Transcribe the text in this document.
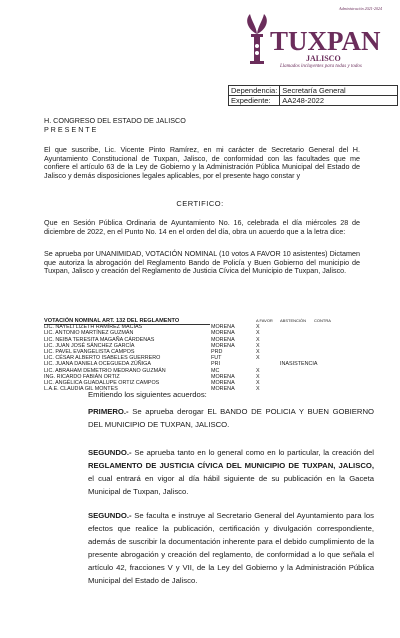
Administración 2021-2024
TUXPAN
JALISCO
Llamados incluyentes para todas y todos
Dependencia:	Secretaría General
Expediente:	AA248-2022
H. CONGRESO DEL ESTADO DE JALISCO
P R E S E N T E
El que suscribe, Lic. Vicente Pinto Ramírez, en mi carácter de Secretario General del H. Ayuntamiento Constitucional de Tuxpan, Jalisco, de conformidad con las facultades que me confiere el artículo 63 de la Ley de Gobierno y la Administración Pública Municipal del Estado de Jalisco y demás disposiciones legales aplicables, por el presente hago constar y
CERTIFICO:
Que en Sesión Pública Ordinaria de Ayuntamiento No. 16, celebrada el día miércoles 28 de diciembre de 2022, en el Punto No. 14 en el orden del día, obra un acuerdo que a la letra dice:
Se aprueba por UNANIMIDAD, VOTACIÓN NOMINAL (10 votos A FAVOR 10 asistentes) Dictamen que autoriza la abrogación del Reglamento Bando de Policía y Buen Gobierno del municipio de Tuxpan, Jalisco y creación del Reglamento de Justicia Cívica del Municipio de Tuxpan, Jalisco.
VOTACIÓN NOMINAL ART. 132 DEL REGLAMENTO	A FAVOR ABSTENCIÓN CONTRA
LIC. NAYELI LIZETH RAMÍREZ MACÍAS	MORENA	X
LIC. ANTONIO MARTÍNEZ GUZMÁN	MORENA	X
LIC. NEIBA TERESITA MAGAÑA CÁRDENAS	MORENA	X
LIC. JUAN JOSÉ SÁNCHEZ GARCÍA	MORENA	X
LIC. PAVEL EVANGELISTA CAMPOS	PRD	X
LIC. CÉSAR ALBERTO ISABELES GUERRERO	FUT	X
LIC. JUANA DANIELA OCEGUEDA ZÚÑIGA	PRI	INASISTENCIA
LIC. ABRAHAM DEMETRIO MEDRANO GUZMÁN	MC	X
ING. RICARDO FABIÁN ORTIZ	MORENA	X
LIC. ANGÉLICA GUADALUPE ORTIZ CAMPOS	MORENA	X
L.A.E. CLAUDIA GIL MONTES	MORENA	X
Emitiendo los siguientes acuerdos:
PRIMERO.- Se aprueba derogar EL BANDO DE POLICIA Y BUEN GOBIERNO DEL MUNICIPIO DE TUXPAN, JALISCO.
SEGUNDO.- Se aprueba tanto en lo general como en lo particular, la creación del REGLAMENTO DE JUSTICIA CÍVICA DEL MUNICIPIO DE TUXPAN, JALISCO, el cual entrará en vigor al día hábil siguiente de su publicación en la Gaceta Municipal de Tuxpan, Jalisco.
SEGUNDO.- Se faculta e instruye al Secretario General del Ayuntamiento para los efectos que realice la publicación, certificación y divulgación correspondiente, además de suscribir la documentación inherente para el debido cumplimiento de la presente abrogación y creación del reglamento, de conformidad a lo que señala el artículo 42, fracciones V y VII, de la Ley del Gobierno y la Administración Pública Municipal del Estado de Jalisco.
